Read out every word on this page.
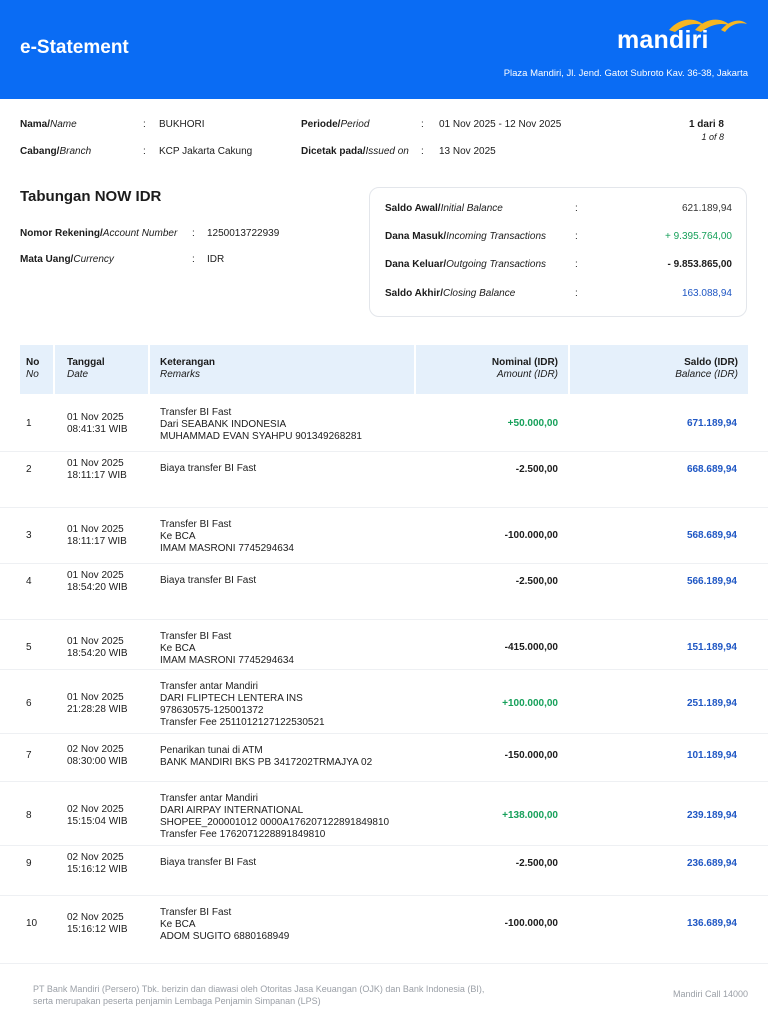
e-Statement	mandiri
Plaza Mandiri, Jl. Jend. Gatot Subroto Kav. 36-38, Jakarta
Nama/Name	: BUKHORI
Cabang/Branch	: KCP Jakarta Cakung
Periode/Period	: 01 Nov 2025 - 12 Nov 2025
Dicetak pada/Issued on : 13 Nov 2025
1 dari 8
1 of 8
Tabungan NOW IDR
Nomor Rekening/Account Number : 1250013722939
Mata Uang/Currency	: IDR
Saldo Awal/Initial Balance	:	621.189,94
Dana Masuk/Incoming Transactions	:	+ 9.395.764,00
Dana Keluar/Outgoing Transactions	:	- 9.853.865,00
Saldo Akhir/Closing Balance	:	163.088,94
No
No
Tanggal
Date
Keterangan
Remarks
Nominal (IDR)
Amount (IDR)
Saldo (IDR)
Balance (IDR)
1
01 Nov 2025
08:41:31 WIB
Transfer BI Fast
Dari SEABANK INDONESIA
MUHAMMAD EVAN SYAHPU 901349268281
+50.000,00	671.189,94
2
01 Nov 2025
18:11:17 WIB
Biaya transfer BI Fast	-2.500,00	668.689,94
3
01 Nov 2025
18:11:17 WIB
Transfer BI Fast
Ke BCA
IMAM MASRONI 7745294634
-100.000,00	568.689,94
4
01 Nov 2025
18:54:20 WIB
Biaya transfer BI Fast	-2.500,00	566.189,94
5
01 Nov 2025
18:54:20 WIB
Transfer BI Fast
Ke BCA
IMAM MASRONI 7745294634
-415.000,00	151.189,94
6
01 Nov 2025
21:28:28 WIB
Transfer antar Mandiri
DARI FLIPTECH LENTERA INS
978630575-125001372
Transfer Fee 2511012127122530521
+100.000,00	251.189,94
7
02 Nov 2025
08:30:00 WIB
Penarikan tunai di ATM
BANK MANDIRI BKS PB 3417202TRMAJYA 02
-150.000,00	101.189,94
8
02 Nov 2025
15:15:04 WIB
Transfer antar Mandiri
DARI AIRPAY INTERNATIONAL
SHOPEE_200001012 0000A1762071228918498​10
Transfer Fee 1762071228891849810
+138.000,00	239.189,94
9
02 Nov 2025
15:16:12 WIB
Biaya transfer BI Fast	-2.500,00	236.689,94
10
02 Nov 2025
15:16:12 WIB
Transfer BI Fast
Ke BCA
ADOM SUGITO 6880168949
-100.000,00	136.689,94
PT Bank Mandiri (Persero) Tbk. berizin dan diawasi oleh Otoritas Jasa Keuangan (OJK) dan Bank Indonesia (BI),
serta merupakan peserta penjamin Lembaga Penjamin Simpanan (LPS)
Mandiri Call 14000
